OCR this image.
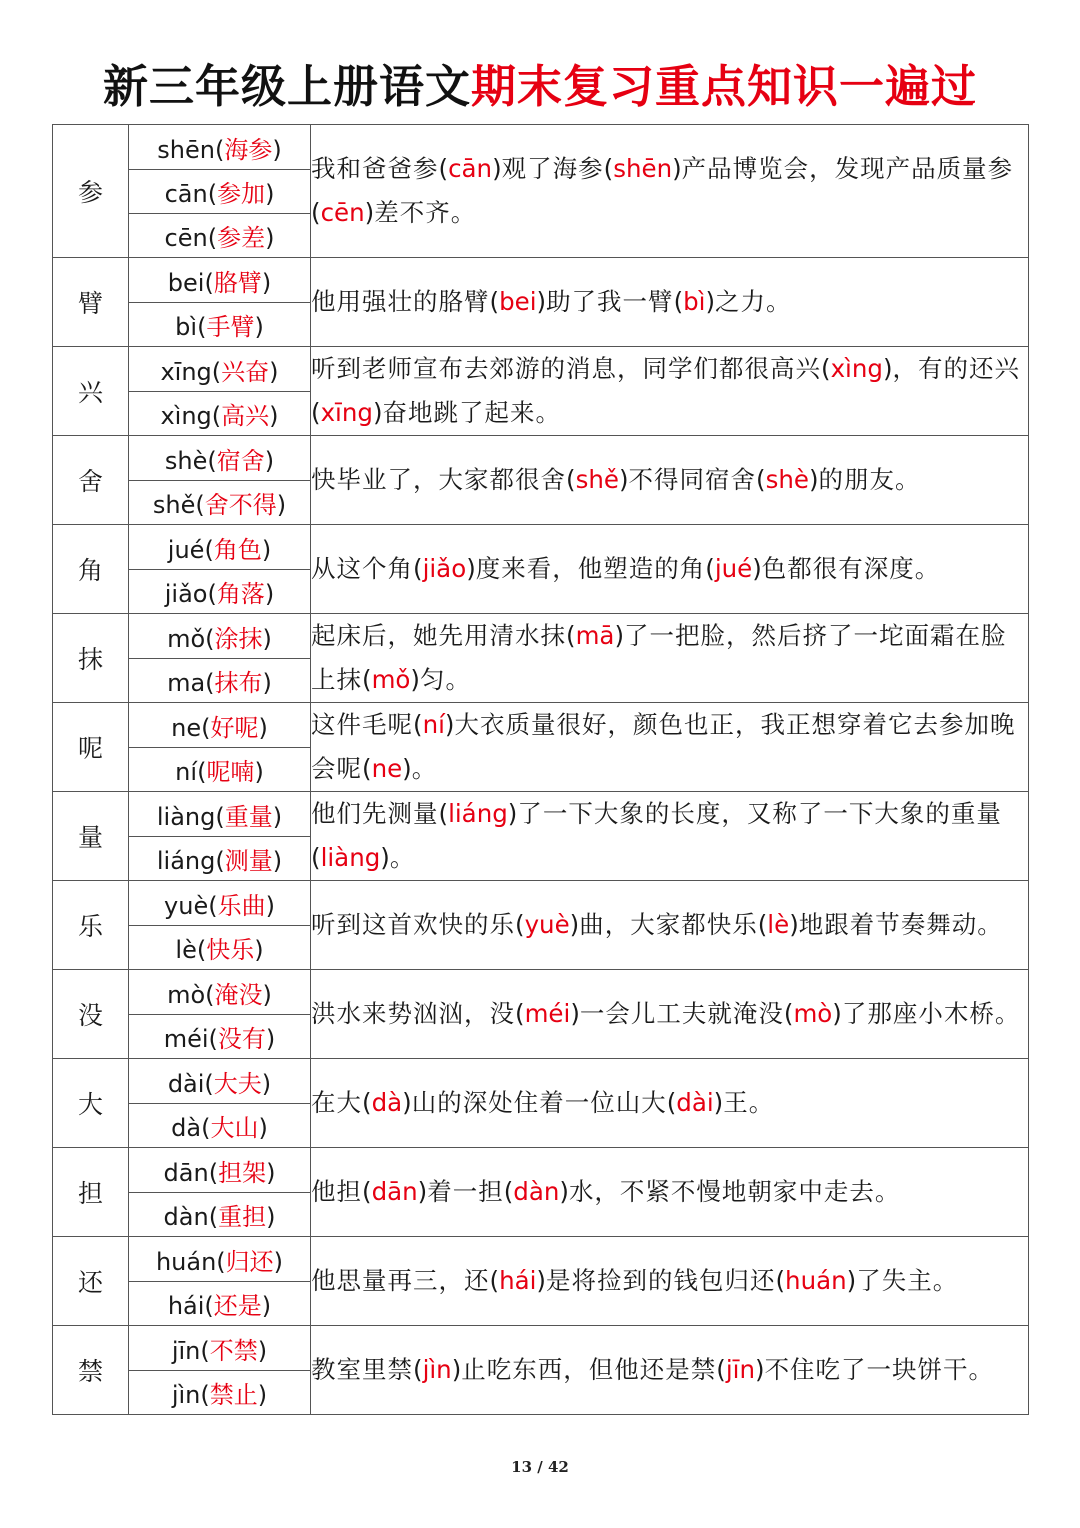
新三年级上册语文期末复习重点知识一遍过
参	shēn(海参)	我和爸爸参(cān)观了海参(shēn)产品博览会，发现产品质量参(cēn)差不齐。
	cān(参加)	
	cēn(参差)	
臂	bei(胳臂)	他用强壮的胳臂(bei)助了我一臂(bì)之力。
	bì(手臂)	
兴	xīng(兴奋)	听到老师宣布去郊游的消息，同学们都很高兴(xìng)，有的还兴(xīng)奋地跳了起来。
	xìng(高兴)	
舍	shè(宿舍)	快毕业了，大家都很舍(shě)不得同宿舍(shè)的朋友。
	shě(舍不得)	
角	jué(角色)	从这个角(jiǎo)度来看，他塑造的角(jué)色都很有深度。
	jiǎo(角落)	
抹	mǒ(涂抹)	起床后，她先用清水抹(mā)了一把脸，然后挤了一坨面霜在脸上抹(mǒ)匀。
	ma(抹布)	
呢	ne(好呢)	这件毛呢(ní)大衣质量很好，颜色也正，我正想穿着它去参加晚会呢(ne)。
	ní(呢喃)	
量	liàng(重量)	他们先测量(liáng)了一下大象的长度，又称了一下大象的重量(liàng)。
	liáng(测量)	
乐	yuè(乐曲)	听到这首欢快的乐(yuè)曲，大家都快乐(lè)地跟着节奏舞动。
	lè(快乐)	
没	mò(淹没)	洪水来势汹汹，没(méi)一会儿工夫就淹没(mò)了那座小木桥。
	méi(没有)	
大	dài(大夫)	在大(dà)山的深处住着一位山大(dài)王。
	dà(大山)	
担	dān(担架)	他担(dān)着一担(dàn)水，不紧不慢地朝家中走去。
	dàn(重担)	
还	huán(归还)	他思量再三，还(hái)是将捡到的钱包归还(huán)了失主。
	hái(还是)	
禁	jīn(不禁)	教室里禁(jìn)止吃东西，但他还是禁(jīn)不住吃了一块饼干。
	jìn(禁止)	
13 / 42
